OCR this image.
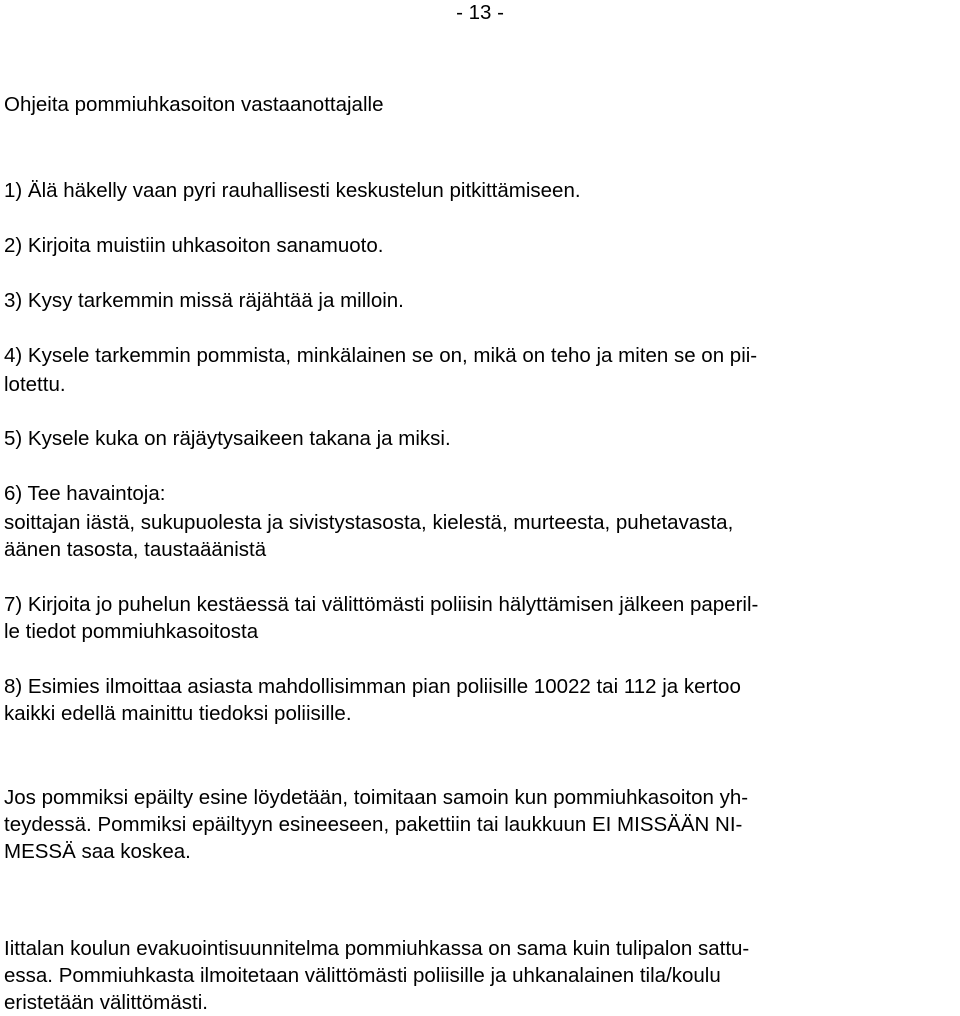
- 13 -
Ohjeita pommiuhkasoiton vastaanottajalle
1) Älä häkelly vaan pyri rauhallisesti keskustelun pitkittämiseen.
2) Kirjoita muistiin uhkasoiton sanamuoto.
3) Kysy tarkemmin missä räjähtää ja milloin.
4) Kysele tarkemmin pommista, minkälainen se on, mikä on teho ja miten se on pii-
lotettu.
5) Kysele kuka on räjäytysaikeen takana ja miksi.
6) Tee havaintoja:
soittajan iästä, sukupuolesta ja sivistystasosta, kielestä, murteesta, puhetavasta,
äänen tasosta, taustaäänistä
7) Kirjoita jo puhelun kestäessä tai välittömästi poliisin hälyttämisen jälkeen paperil-
le tiedot pommiuhkasoitosta
8) Esimies ilmoittaa asiasta mahdollisimman pian poliisille 10022 tai 112 ja kertoo
kaikki edellä mainittu tiedoksi poliisille.
Jos pommiksi epäilty esine löydetään, toimitaan samoin kun pommiuhkasoiton yh-
teydessä. Pommiksi epäiltyyn esineeseen, pakettiin tai laukkuun EI MISSÄÄN NI-
MESSÄ saa koskea.
Iittalan koulun evakuointisuunnitelma pommiuhkassa on sama kuin tulipalon sattu-
essa. Pommiuhkasta ilmoitetaan välittömästi poliisille ja uhkanalainen tila/koulu
eristetään välittömästi.
